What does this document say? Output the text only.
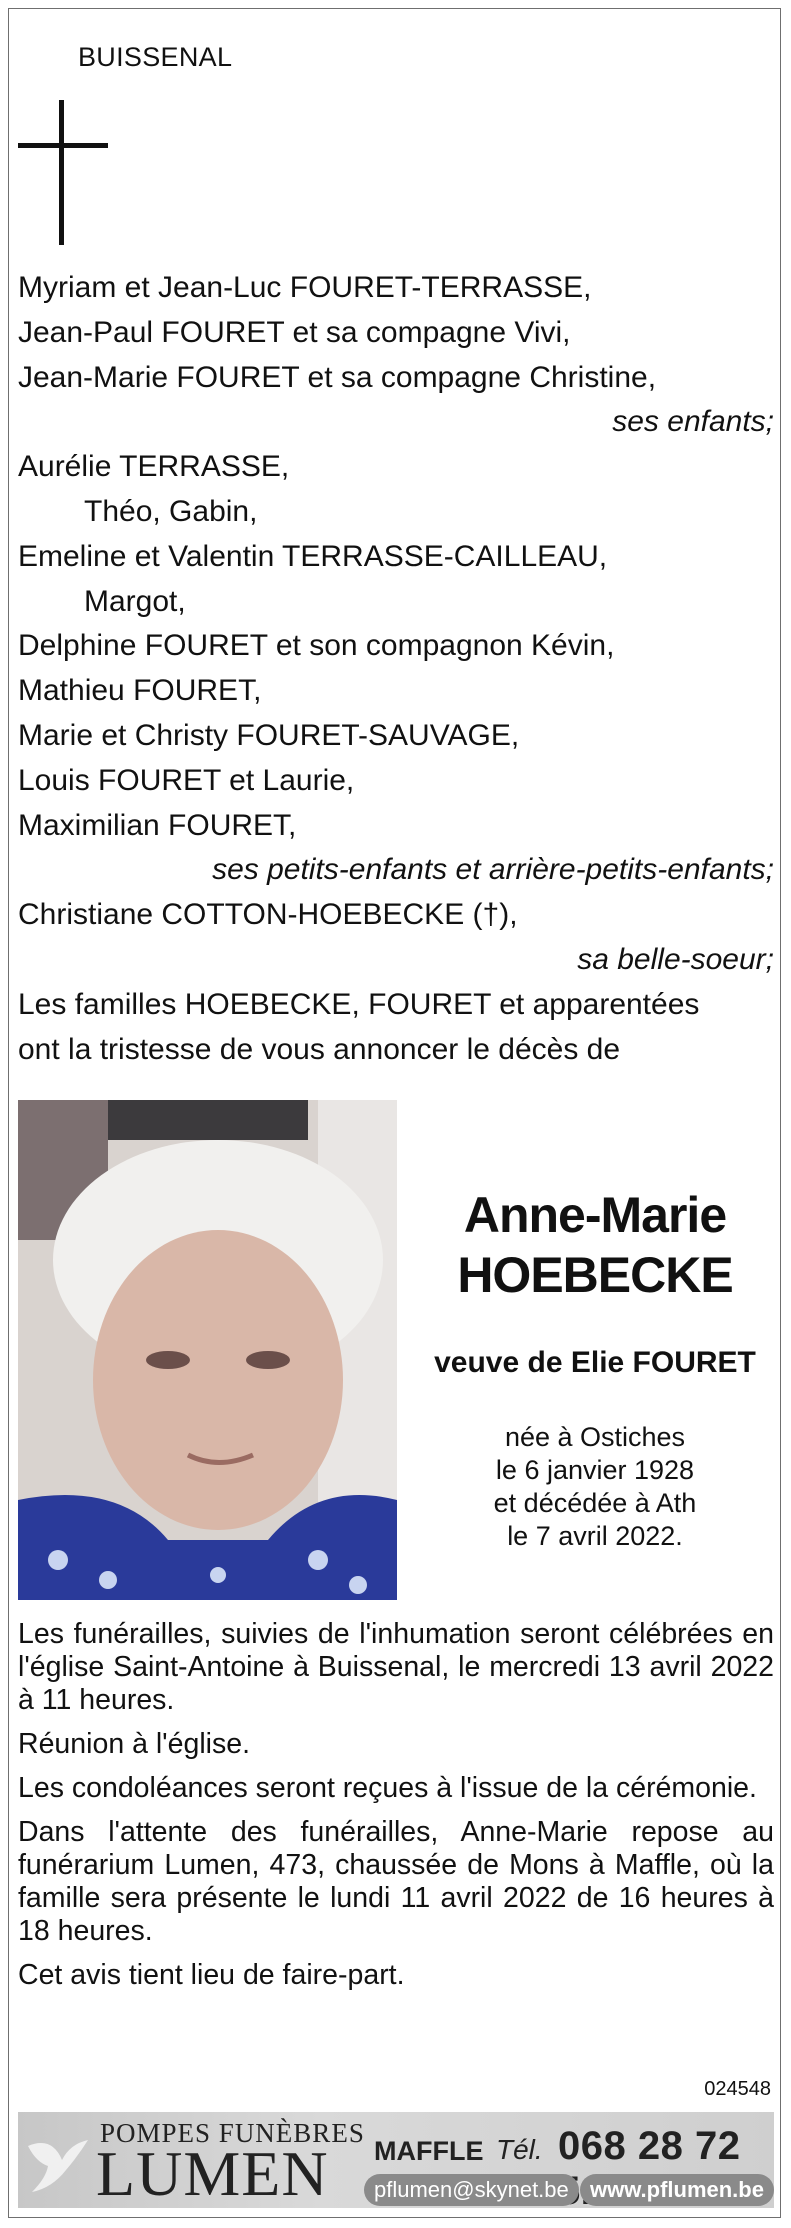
BUISSENAL
Myriam et Jean-Luc FOURET-TERRASSE,
Jean-Paul FOURET et sa compagne Vivi,
Jean-Marie FOURET et sa compagne Christine,
ses enfants;
Aurélie TERRASSE,
Théo, Gabin,
Emeline et Valentin TERRASSE-CAILLEAU,
Margot,
Delphine FOURET et son compagnon Kévin,
Mathieu FOURET,
Marie et Christy FOURET-SAUVAGE,
Louis FOURET et Laurie,
Maximilian FOURET,
ses petits-enfants et arrière-petits-enfants;
Christiane COTTON-HOEBECKE (†),
sa belle-soeur;
Les familles HOEBECKE, FOURET et apparentées
ont la tristesse de vous annoncer le décès de
Anne-Marie
HOEBECKE
veuve de Elie FOURET
née à Ostiches
le 6 janvier 1928
et décédée à Ath
le 7 avril 2022.

Les funérailles, suivies de l'inhumation seront célébrées en l'église Saint-Antoine à Buissenal, le mercredi 13 avril 2022 à 11 heures.

Réunion à l'église.

Les condoléances seront reçues à l'issue de la cérémonie.

Dans l'attente des funérailles, Anne-Marie repose au funérarium Lumen, 473, chaussée de Mons à Maffle, où la famille sera présente le lundi 11 avril 2022 de 16 heures à 18 heures.

Cet avis tient lieu de faire-part.

024548
POMPES FUNÈBRES
LUMEN MAFFLE Tél. 068 28 72
pflumen@skynet.be www.pflumen.be
